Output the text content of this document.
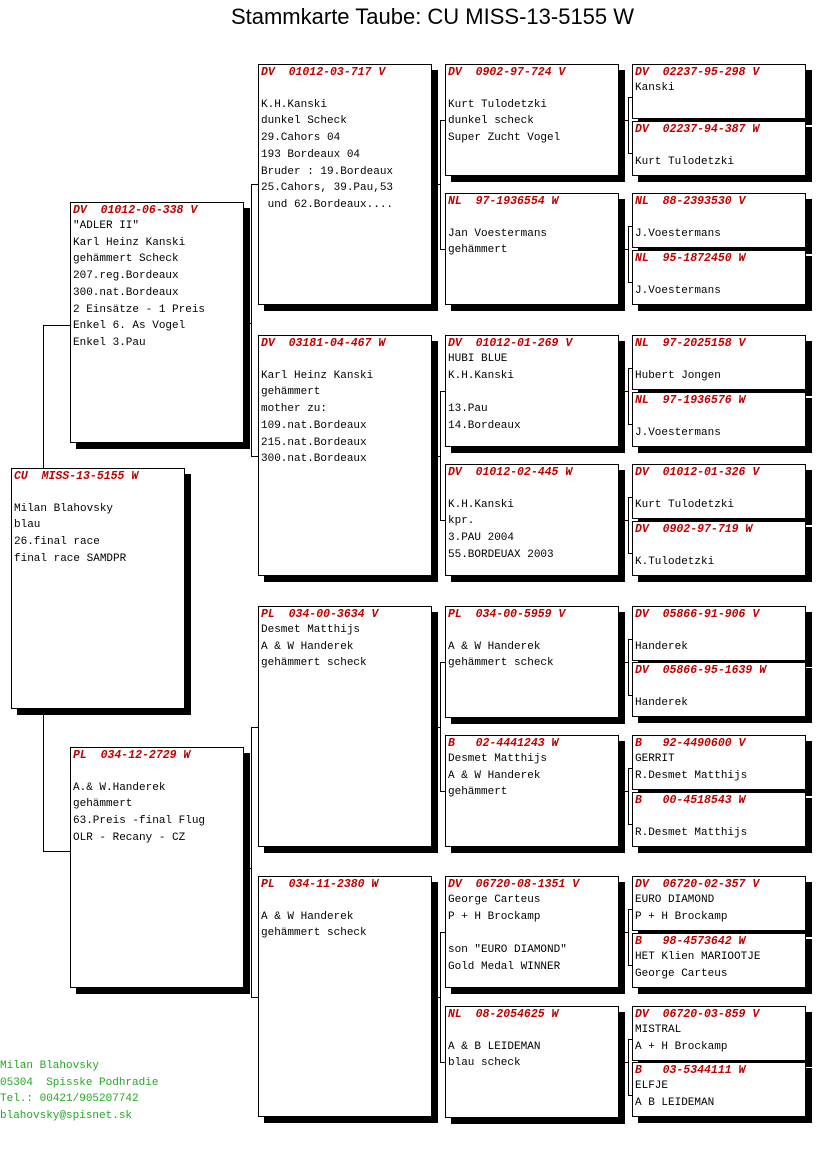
Stammkarte Taube: CU MISS-13-5155 W
CU  MISS-13-5155 W
Milan Blahovsky
blau
26.final race
final race SAMDPR
DV  01012-06-338 V
"ADLER II"
Karl Heinz Kanski
gehämmert Scheck
207.reg.Bordeaux
300.nat.Bordeaux
2 Einsätze - 1 Preis
Enkel 6. As Vogel
Enkel 3.Pau
PL  034-12-2729 W
A.& W.Handerek
gehämmert
63.Preis -final Flug
OLR - Recany - CZ
DV  01012-03-717 V
K.H.Kanski
dunkel Scheck
29.Cahors 04
193 Bordeaux 04
Bruder : 19.Bordeaux
25.Cahors, 39.Pau,53
und 62.Bordeaux....
DV  03181-04-467 W
Karl Heinz Kanski
gehämmert
mother zu:
109.nat.Bordeaux
215.nat.Bordeaux
300.nat.Bordeaux
PL  034-00-3634 V
Desmet Matthijs
A & W Handerek
gehämmert scheck
PL  034-11-2380 W
A & W Handerek
gehämmert scheck
DV  0902-97-724 V
Kurt Tulodetzki
dunkel scheck
Super Zucht Vogel
NL  97-1936554 W
Jan Voestermans
gehämmert
DV  01012-01-269 V
HUBI BLUE
K.H.Kanski
13.Pau
14.Bordeaux
DV  01012-02-445 W
K.H.Kanski
kpr.
3.PAU 2004
55.BORDEUAX 2003
PL  034-00-5959 V
A & W Handerek
gehämmert scheck
B   02-4441243 W
Desmet Matthijs
A & W Handerek
gehämmert
DV  06720-08-1351 V
George Carteus
P + H Brockamp
son "EURO DIAMOND"
Gold Medal WINNER
NL  08-2054625 W
A & B LEIDEMAN
blau scheck
DV  02237-95-298 V
Kanski
DV  02237-94-387 W
Kurt Tulodetzki
NL  88-2393530 V
J.Voestermans
NL  95-1872450 W
J.Voestermans
NL  97-2025158 V
Hubert Jongen
NL  97-1936576 W
J.Voestermans
DV  01012-01-326 V
Kurt Tulodetzki
DV  0902-97-719 W
K.Tulodetzki
DV  05866-91-906 V
Handerek
DV  05866-95-1639 W
Handerek
B   92-4490600 V
GERRIT
R.Desmet Matthijs
B   00-4518543 W
R.Desmet Matthijs
DV  06720-02-357 V
EURO DIAMOND
P + H Brockamp
B   98-4573642 W
HET Klien MARIOOTJE
George Carteus
DV  06720-03-859 V
MISTRAL
A + H Brockamp
B   03-5344111 W
ELFJE
A B LEIDEMAN
Milan Blahovsky
05304  Spisske Podhradie
Tel.: 00421/905207742
blahovsky@spisnet.sk
